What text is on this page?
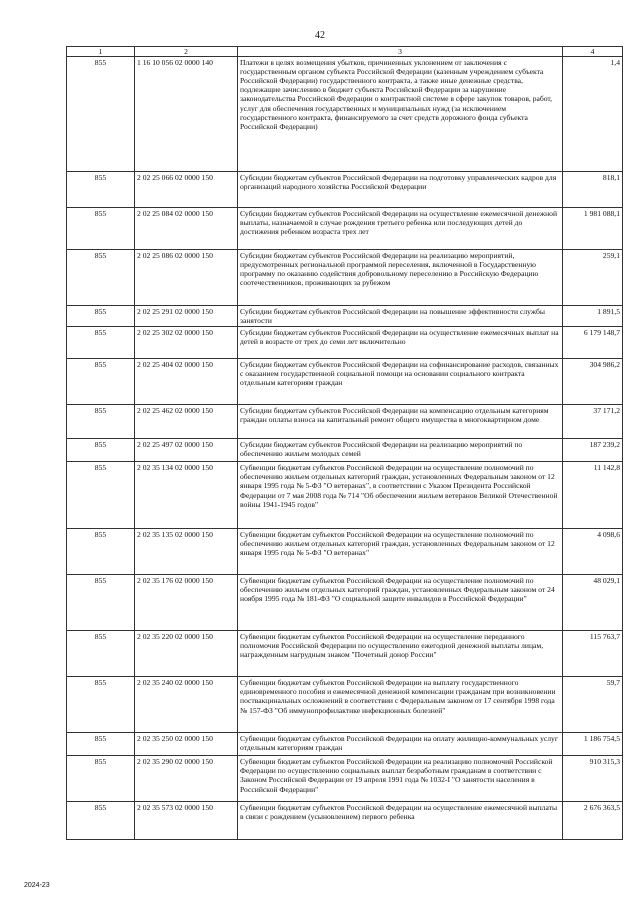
42
1	2	3	4
855	1 16 10 056 02 0000 140	Платежи в целях возмещения убытков, причиненных уклонением от заключения с государственным органом субъекта Российской Федерации (казенным учреждением субъекта Российской Федерации) государственного контракта, а также иные денежные средства, подлежащие зачислению в бюджет субъекта Российской Федерации за нарушение законодательства Российской Федерации о контрактной системе в сфере закупок товаров, работ, услуг для обеспечения государственных и муниципальных нужд (за исключением государственного контракта, финансируемого за счет средств дорожного фонда субъекта Российской Федерации)	1,4
855	2 02 25 066 02 0000 150	Субсидии бюджетам субъектов Российской Федерации на подготовку управленческих кадров для организаций народного хозяйства Российской Федерации	818,1
855	2 02 25 084 02 0000 150	Субсидии бюджетам субъектов Российской Федерации на осуществление ежемесячной денежной выплаты, назначаемой в случае рождения третьего ребенка или последующих детей до достижения ребенком возраста трех лет	1 981 088,1
855	2 02 25 086 02 0000 150	Субсидии бюджетам субъектов Российской Федерации на реализацию мероприятий, предусмотренных региональной программой переселения, включенной в Государственную программу по оказанию содействия добровольному переселению в Российскую Федерацию соотечественников, проживающих за рубежом	259,1
855	2 02 25 291 02 0000 150	Субсидии бюджетам субъектов Российской Федерации на повышение эффективности службы занятости	1 891,5
855	2 02 25 302 02 0000 150	Субсидии бюджетам субъектов Российской Федерации на осуществление ежемесячных выплат на детей в возрасте от трех до семи лет включительно	6 179 148,7
855	2 02 25 404 02 0000 150	Субсидии бюджетам субъектов Российской Федерации на софинансирование расходов, связанных с оказанием государственной социальной помощи на основании социального контракта отдельным категориям граждан	304 986,2
855	2 02 25 462 02 0000 150	Субсидии бюджетам субъектов Российской Федерации на компенсацию отдельным категориям граждан оплаты взноса на капитальный ремонт общего имущества в многоквартирном доме	37 171,2
855	2 02 25 497 02 0000 150	Субсидии бюджетам субъектов Российской Федерации на реализацию мероприятий по обеспечению жильем молодых семей	187 239,2
855	2 02 35 134 02 0000 150	Субвенции бюджетам субъектов Российской Федерации на осуществление полномочий по обеспечению жильем отдельных категорий граждан, установленных Федеральным законом от 12 января 1995 года № 5-ФЗ "О ветеранах", в соответствии с Указом Президента Российской Федерации от 7 мая 2008 года № 714 "Об обеспечении жильем ветеранов Великой Отечественной войны 1941-1945 годов"	11 142,8
855	2 02 35 135 02 0000 150	Субвенции бюджетам субъектов Российской Федерации на осуществление полномочий по обеспечению жильем отдельных категорий граждан, установленных Федеральным законом от 12 января 1995 года № 5-ФЗ "О ветеранах"	4 098,6
855	2 02 35 176 02 0000 150	Субвенции бюджетам субъектов Российской Федерации на осуществление полномочий по обеспечению жильем отдельных категорий граждан, установленных Федеральным законом от 24 ноября 1995 года № 181-ФЗ "О социальной защите инвалидов в Российской Федерации"	48 029,1
855	2 02 35 220 02 0000 150	Субвенции бюджетам субъектов Российской Федерации на осуществление переданного полномочия Российской Федерации по осуществлению ежегодной денежной выплаты лицам, награжденным нагрудным знаком "Почетный донор России"	115 763,7
855	2 02 35 240 02 0000 150	Субвенции бюджетам субъектов Российской Федерации на выплату государственного единовременного пособия и ежемесячной денежной компенсации гражданам при возникновении поствакцинальных осложнений в соответствии с Федеральным законом от 17 сентября 1998 года № 157-ФЗ "Об иммунопрофилактике инфекционных болезней"	59,7
855	2 02 35 250 02 0000 150	Субвенции бюджетам субъектов Российской Федерации на оплату жилищно-коммунальных услуг отдельным категориям граждан	1 186 754,5
855	2 02 35 290 02 0000 150	Субвенции бюджетам субъектов Российской Федерации на реализацию полномочий Российской Федерации по осуществлению социальных выплат безработным гражданам в соответствии с Законом Российской Федерации от 19 апреля 1991 года № 1032-I "О занятости населения в Российской Федерации"	910 315,3
855	2 02 35 573 02 0000 150	Субвенции бюджетам субъектов Российской Федерации на осуществление ежемесячной выплаты в связи с рождением (усыновлением) первого ребенка	2 676 363,5
2024-23
